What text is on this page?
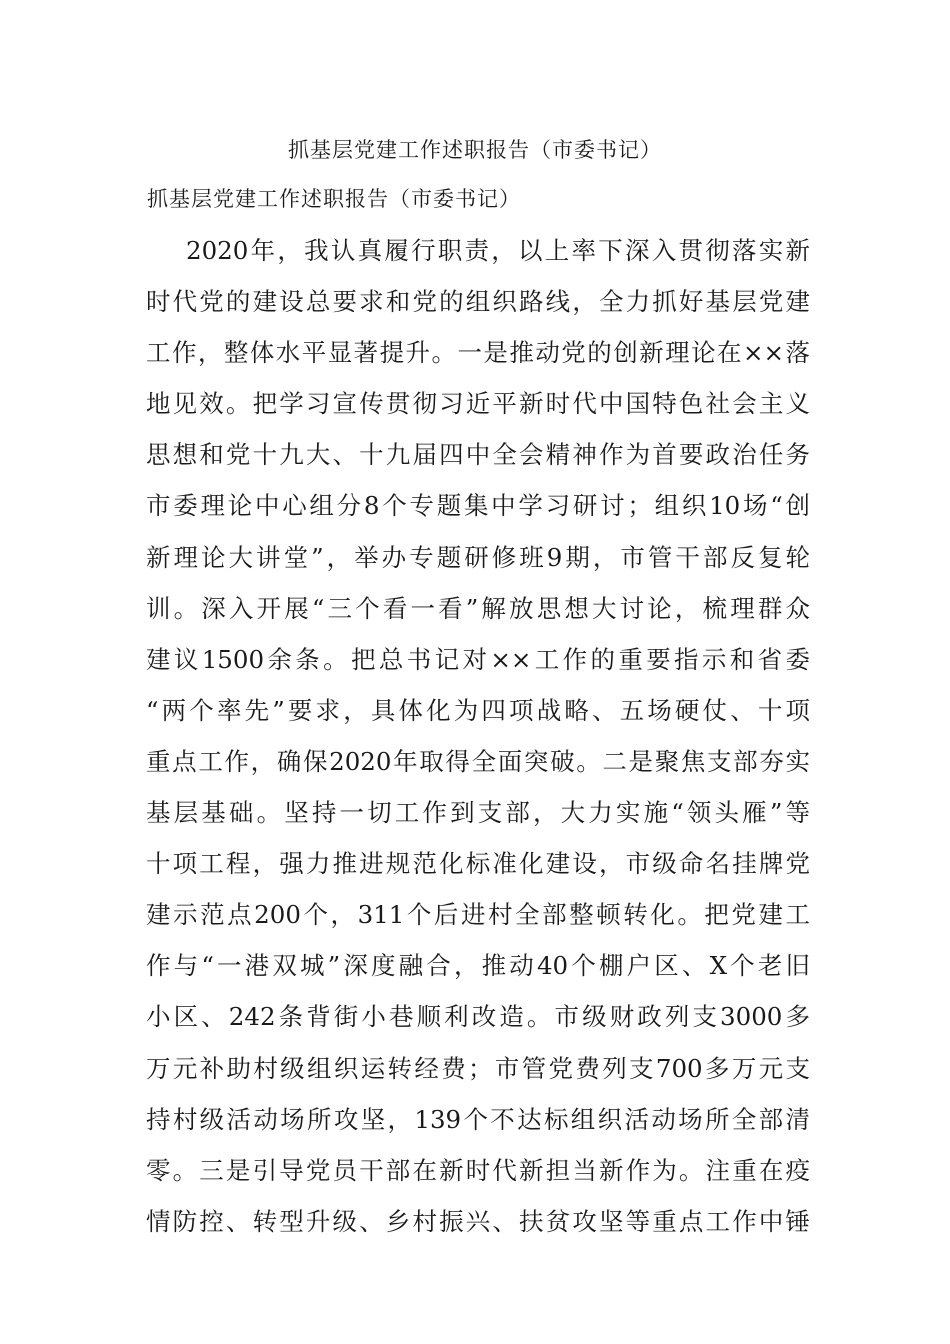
抓基层党建工作述职报告（市委书记）
抓基层党建工作述职报告（市委书记）
2020年，我认真履行职责，以上率下深入贯彻落实新
时代党的建设总要求和党的组织路线，全力抓好基层党建
工作，整体水平显著提升。一是推动党的创新理论在××落
地见效。把学习宣传贯彻习近平新时代中国特色社会主义
思想和党十九大、十九届四中全会精神作为首要政治任务
市委理论中心组分8个专题集中学习研讨；组织10场“创
新理论大讲堂”，举办专题研修班9期，市管干部反复轮
训。深入开展“三个看一看”解放思想大讨论，梳理群众
建议1500余条。把总书记对××工作的重要指示和省委
“两个率先”要求，具体化为四项战略、五场硬仗、十项
重点工作，确保2020年取得全面突破。二是聚焦支部夯实
基层基础。坚持一切工作到支部，大力实施“领头雁”等
十项工程，强力推进规范化标准化建设，市级命名挂牌党
建示范点200个，311个后进村全部整顿转化。把党建工
作与“一港双城”深度融合，推动40个棚户区、X个老旧
小区、242条背街小巷顺利改造。市级财政列支3000多
万元补助村级组织运转经费；市管党费列支700多万元支
持村级活动场所攻坚，139个不达标组织活动场所全部清
零。三是引导党员干部在新时代新担当新作为。注重在疫
情防控、转型升级、乡村振兴、扶贫攻坚等重点工作中锤
